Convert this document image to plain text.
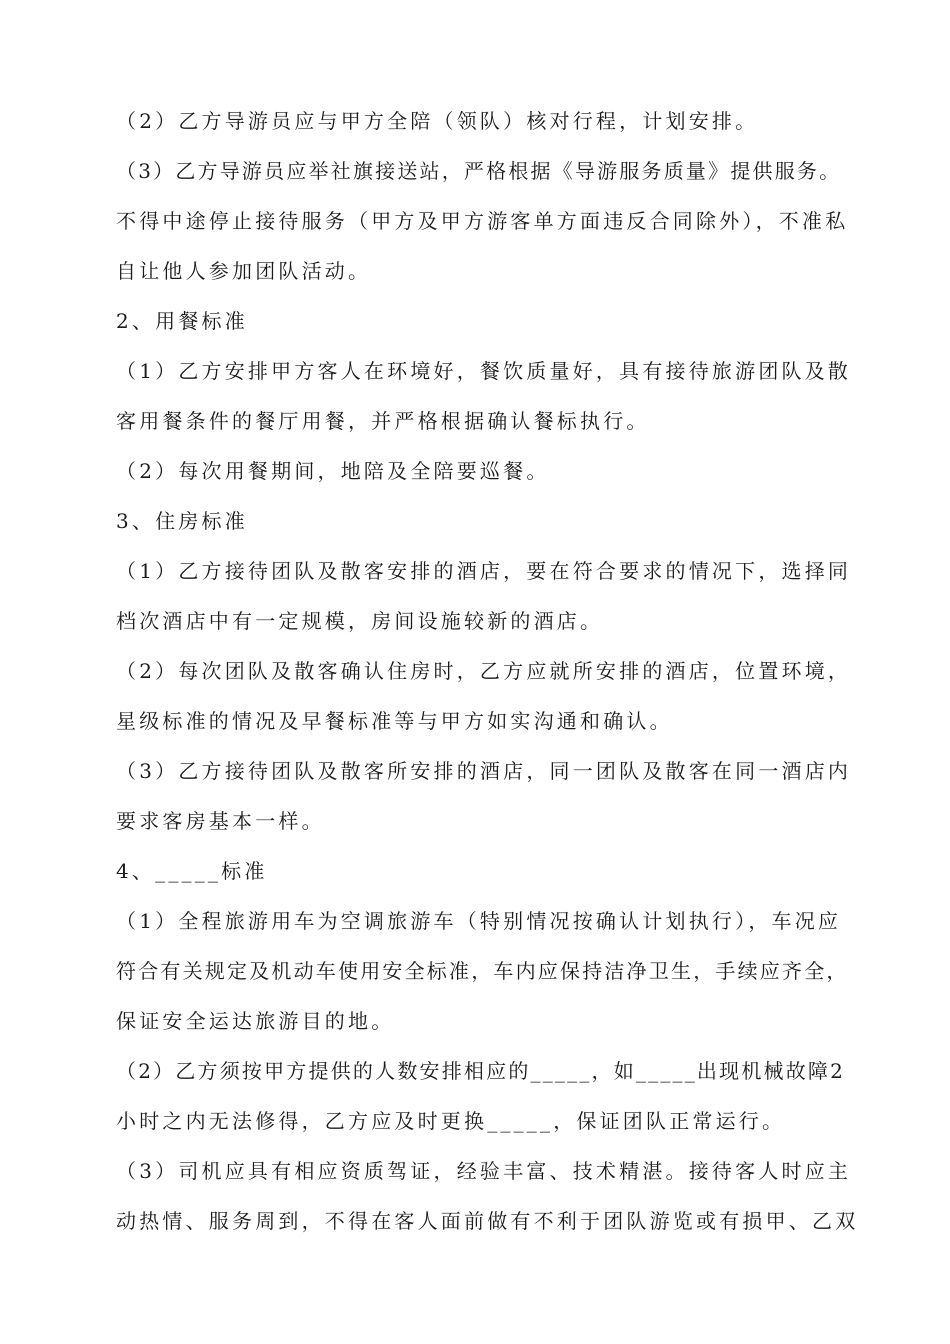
（2）乙方导游员应与甲方全陪（领队）核对行程，计划安排。

（3）乙方导游员应举社旗接送站，严格根据《导游服务质量》提供服务。

不得中途停止接待服务（甲方及甲方游客单方面违反合同除外），不准私

自让他人参加团队活动。

2、用餐标准

（1）乙方安排甲方客人在环境好，餐饮质量好，具有接待旅游团队及散

客用餐条件的餐厅用餐，并严格根据确认餐标执行。

（2）每次用餐期间，地陪及全陪要巡餐。

3、住房标准

（1）乙方接待团队及散客安排的酒店，要在符合要求的情况下，选择同

档次酒店中有一定规模，房间设施较新的酒店。

（2）每次团队及散客确认住房时，乙方应就所安排的酒店，位置环境，

星级标准的情况及早餐标准等与甲方如实沟通和确认。

（3）乙方接待团队及散客所安排的酒店，同一团队及散客在同一酒店内

要求客房基本一样。

4、_____标准

（1）全程旅游用车为空调旅游车（特别情况按确认计划执行），车况应

符合有关规定及机动车使用安全标准，车内应保持洁净卫生，手续应齐全，

保证安全运达旅游目的地。

（2）乙方须按甲方提供的人数安排相应的_____，如_____出现机械故障2

小时之内无法修得，乙方应及时更换_____，保证团队正常运行。

（3）司机应具有相应资质驾证，经验丰富、技术精湛。接待客人时应主

动热情、服务周到，不得在客人面前做有不利于团队游览或有损甲、乙双
